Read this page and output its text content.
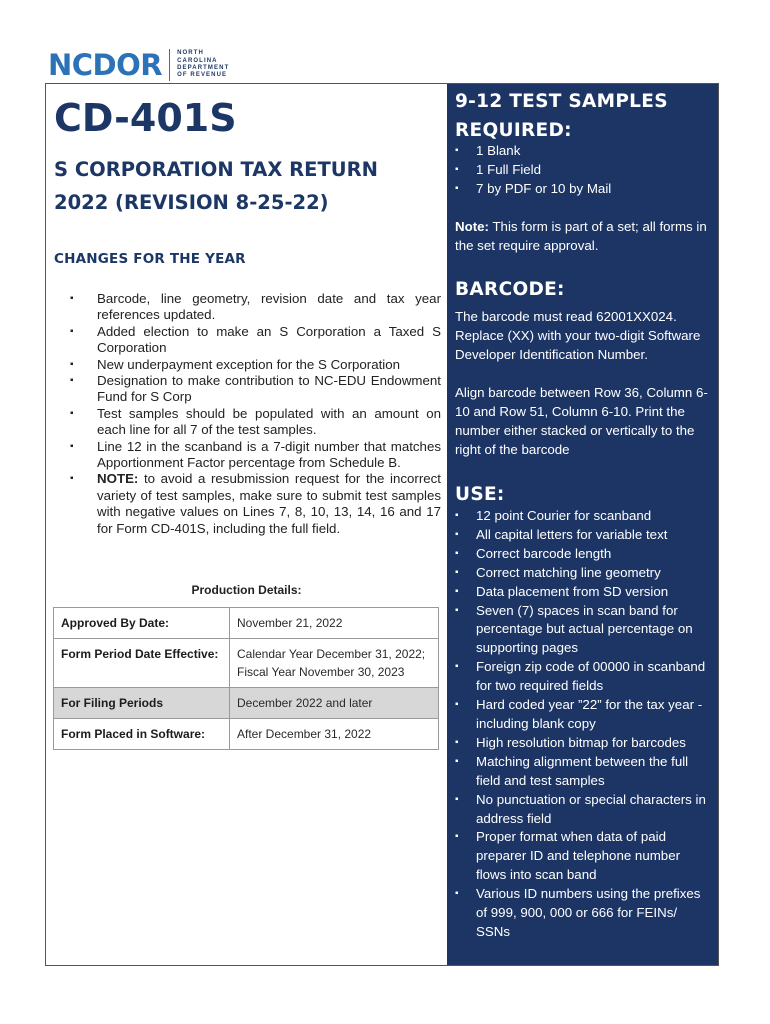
NCDOR	NORTH
CAROLINA
DEPARTMENT
OF REVENUE
CD-401S
S CORPORATION TAX RETURN
2022 (REVISION 8-25-22)
CHANGES FOR THE YEAR
▪ Barcode, line geometry, revision date and tax year references updated.
▪ Added election to make an S Corporation a Taxed S Corporation
▪ New underpayment exception for the S Corporation
▪ Designation to make contribution to NC-EDU Endowment Fund for S Corp
▪ Test samples should be populated with an amount on each line for all 7 of the test samples.
▪ Line 12 in the scanband is a 7-digit number that matches Apportionment Factor percentage from Schedule B.
▪ NOTE: to avoid a resubmission request for the incorrect variety of test samples, make sure to submit test samples with negative values on Lines 7, 8, 10, 13, 14, 16 and 17 for Form CD-401S, including the full field.
Production Details:
Approved By Date:	November 21, 2022
Form Period Date Effective:	Calendar Year December 31, 2022;
Fiscal Year November 30, 2023

For Filing Periods	December 2022 and later
Form Placed in Software:	After December 31, 2022
9-12 TEST SAMPLES
REQUIRED:
▪ 1 Blank
▪ 1 Full Field
▪ 7 by PDF or 10 by Mail

Note: This form is part of a set; all forms in the set require approval.

BARCODE:

The barcode must read 62001XX024. Replace (XX) with your two-digit Software Developer Identification Number.

Align barcode between Row 36, Column 6-10 and Row 51, Column 6-10. Print the number either stacked or vertically to the right of the barcode

USE:
▪ 12 point Courier for scanband
▪ All capital letters for variable text
▪ Correct barcode length
▪ Correct matching line geometry
▪ Data placement from SD version
▪ Seven (7) spaces in scan band for percentage but actual percentage on supporting pages
▪ Foreign zip code of 00000 in scanband for two required fields
▪ Hard coded year ”22” for the tax year - including blank copy
▪ High resolution bitmap for barcodes
▪ Matching alignment between the full field and test samples
▪ No punctuation or special characters in address field
▪ Proper format when data of paid preparer ID and telephone number flows into scan band
▪ Various ID numbers using the prefixes of 999, 900, 000 or 666 for FEINs/ SSNs
